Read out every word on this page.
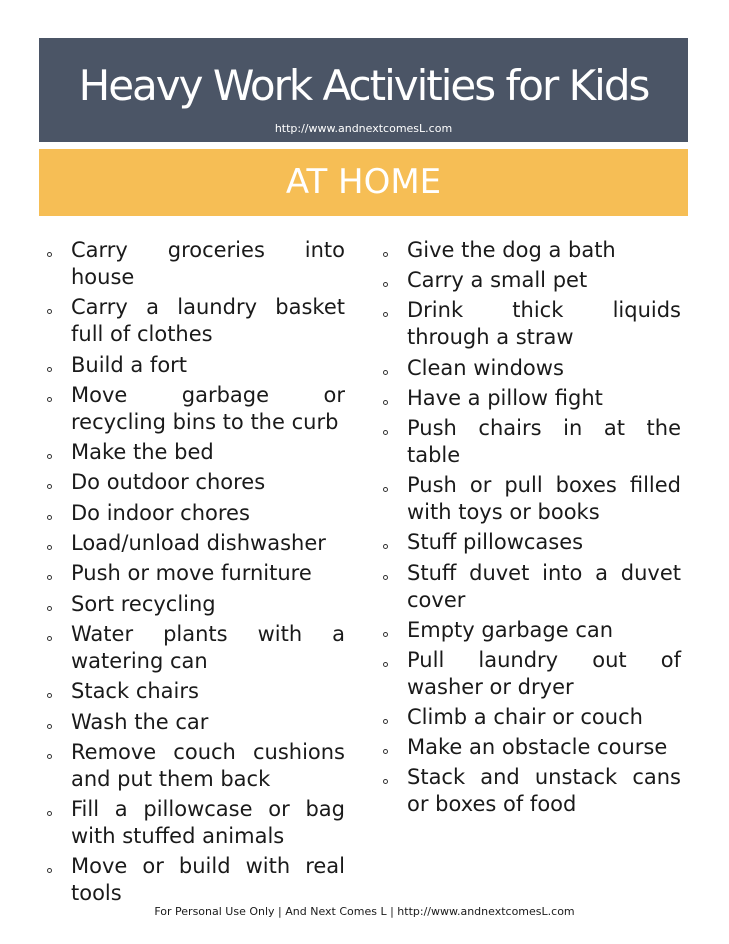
Heavy Work Activities for Kids
http://www.andnextcomesL.com
AT HOME
Carry groceries into house
Carry a laundry basket full of clothes
Build a fort
Move garbage or recycling bins to the curb
Make the bed
Do outdoor chores
Do indoor chores
Load/unload dishwasher
Push or move furniture
Sort recycling
Water plants with a watering can
Stack chairs
Wash the car
Remove couch cushions and put them back
Fill a pillowcase or bag with stuffed animals
Move or build with real tools
Give the dog a bath
Carry a small pet
Drink thick liquids through a straw
Clean windows
Have a pillow fight
Push chairs in at the table
Push or pull boxes filled with toys or books
Stuff pillowcases
Stuff duvet into a duvet cover
Empty garbage can
Pull laundry out of washer or dryer
Climb a chair or couch
Make an obstacle course
Stack and unstack cans or boxes of food
For Personal Use Only | And Next Comes L | http://www.andnextcomesL.com
